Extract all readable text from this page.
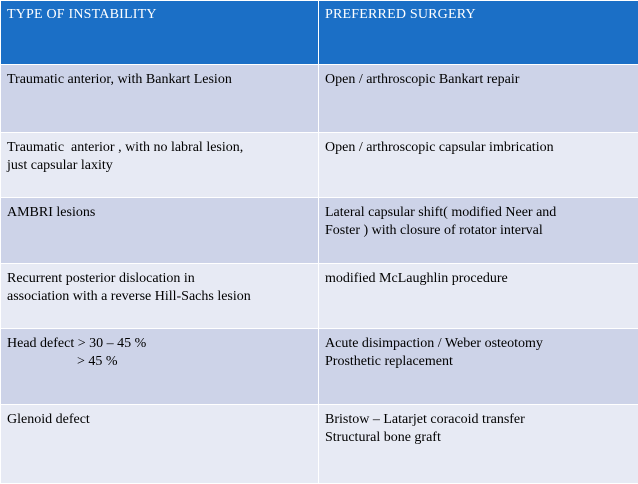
TYPE OF INSTABILITY	PREFERRED SURGERY

Traumatic anterior, with Bankart Lesion	Open / arthroscopic Bankart repair

Traumatic  anterior , with no labral lesion,
just capsular laxity	Open / arthroscopic capsular imbrication

AMBRI lesions	Lateral capsular shift( modified Neer and
Foster ) with closure of rotator interval

Recurrent posterior dislocation in
association with a reverse Hill-Sachs lesion	modified McLaughlin procedure

Head defect > 30 – 45 %
> 45 %	Acute disimpaction / Weber osteotomy
Prosthetic replacement

Glenoid defect	Bristow – Latarjet coracoid transfer
Structural bone graft
